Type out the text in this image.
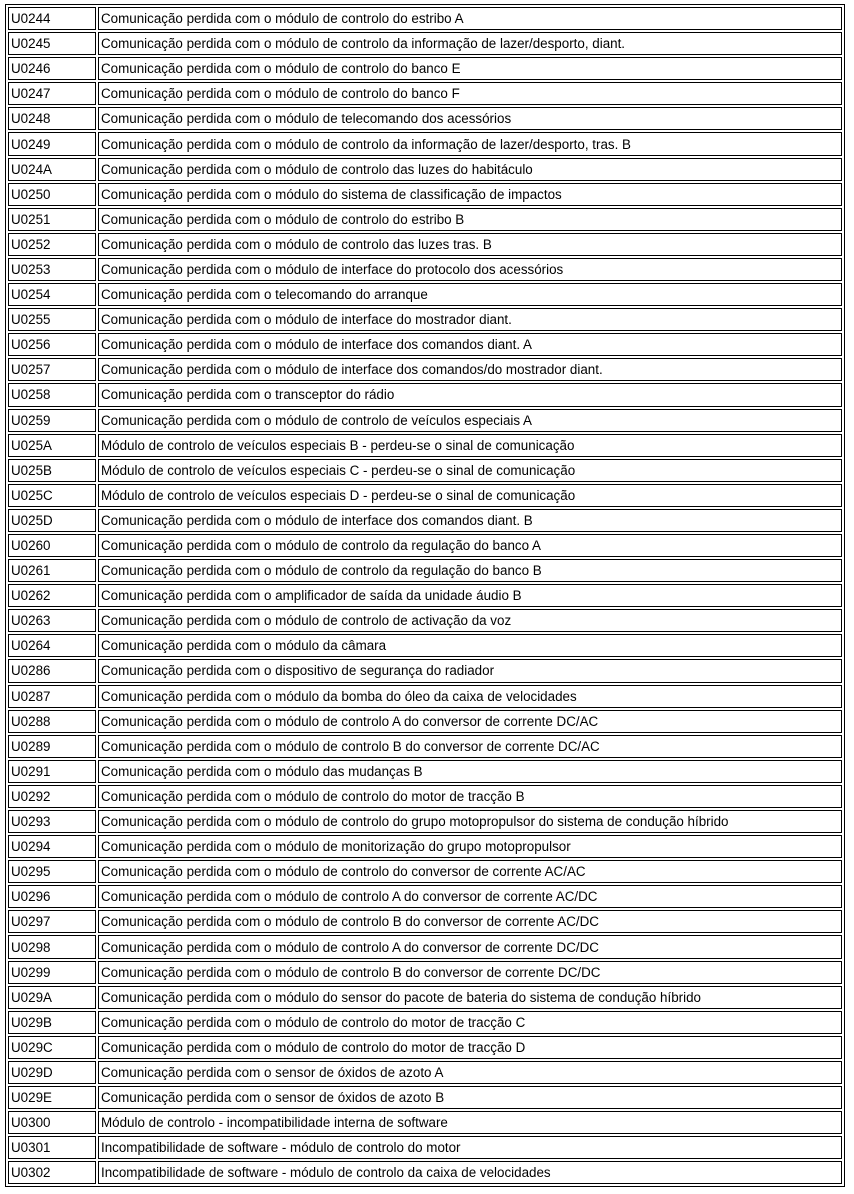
U0244	Comunicação perdida com o módulo de controlo do estribo A
U0245	Comunicação perdida com o módulo de controlo da informação de lazer/desporto, diant.
U0246	Comunicação perdida com o módulo de controlo do banco E
U0247	Comunicação perdida com o módulo de controlo do banco F
U0248	Comunicação perdida com o módulo de telecomando dos acessórios
U0249	Comunicação perdida com o módulo de controlo da informação de lazer/desporto, tras. B
U024A	Comunicação perdida com o módulo de controlo das luzes do habitáculo
U0250	Comunicação perdida com o módulo do sistema de classificação de impactos
U0251	Comunicação perdida com o módulo de controlo do estribo B
U0252	Comunicação perdida com o módulo de controlo das luzes tras. B
U0253	Comunicação perdida com o módulo de interface do protocolo dos acessórios
U0254	Comunicação perdida com o telecomando do arranque
U0255	Comunicação perdida com o módulo de interface do mostrador diant.
U0256	Comunicação perdida com o módulo de interface dos comandos diant. A
U0257	Comunicação perdida com o módulo de interface dos comandos/do mostrador diant.
U0258	Comunicação perdida com o transceptor do rádio
U0259	Comunicação perdida com o módulo de controlo de veículos especiais A
U025A	Módulo de controlo de veículos especiais B - perdeu-se o sinal de comunicação
U025B	Módulo de controlo de veículos especiais C - perdeu-se o sinal de comunicação
U025C	Módulo de controlo de veículos especiais D - perdeu-se o sinal de comunicação
U025D	Comunicação perdida com o módulo de interface dos comandos diant. B
U0260	Comunicação perdida com o módulo de controlo da regulação do banco A
U0261	Comunicação perdida com o módulo de controlo da regulação do banco B
U0262	Comunicação perdida com o amplificador de saída da unidade áudio B
U0263	Comunicação perdida com o módulo de controlo de activação da voz
U0264	Comunicação perdida com o módulo da câmara
U0286	Comunicação perdida com o dispositivo de segurança do radiador
U0287	Comunicação perdida com o módulo da bomba do óleo da caixa de velocidades
U0288	Comunicação perdida com o módulo de controlo A do conversor de corrente DC/AC
U0289	Comunicação perdida com o módulo de controlo B do conversor de corrente DC/AC
U0291	Comunicação perdida com o módulo das mudanças B
U0292	Comunicação perdida com o módulo de controlo do motor de tracção B
U0293	Comunicação perdida com o módulo de controlo do grupo motopropulsor do sistema de condução híbrido
U0294	Comunicação perdida com o módulo de monitorização do grupo motopropulsor
U0295	Comunicação perdida com o módulo de controlo do conversor de corrente AC/AC
U0296	Comunicação perdida com o módulo de controlo A do conversor de corrente AC/DC
U0297	Comunicação perdida com o módulo de controlo B do conversor de corrente AC/DC
U0298	Comunicação perdida com o módulo de controlo A do conversor de corrente DC/DC
U0299	Comunicação perdida com o módulo de controlo B do conversor de corrente DC/DC
U029A	Comunicação perdida com o módulo do sensor do pacote de bateria do sistema de condução híbrido
U029B	Comunicação perdida com o módulo de controlo do motor de tracção C
U029C	Comunicação perdida com o módulo de controlo do motor de tracção D
U029D	Comunicação perdida com o sensor de óxidos de azoto A
U029E	Comunicação perdida com o sensor de óxidos de azoto B
U0300	Módulo de controlo - incompatibilidade interna de software
U0301	Incompatibilidade de software - módulo de controlo do motor
U0302	Incompatibilidade de software - módulo de controlo da caixa de velocidades
